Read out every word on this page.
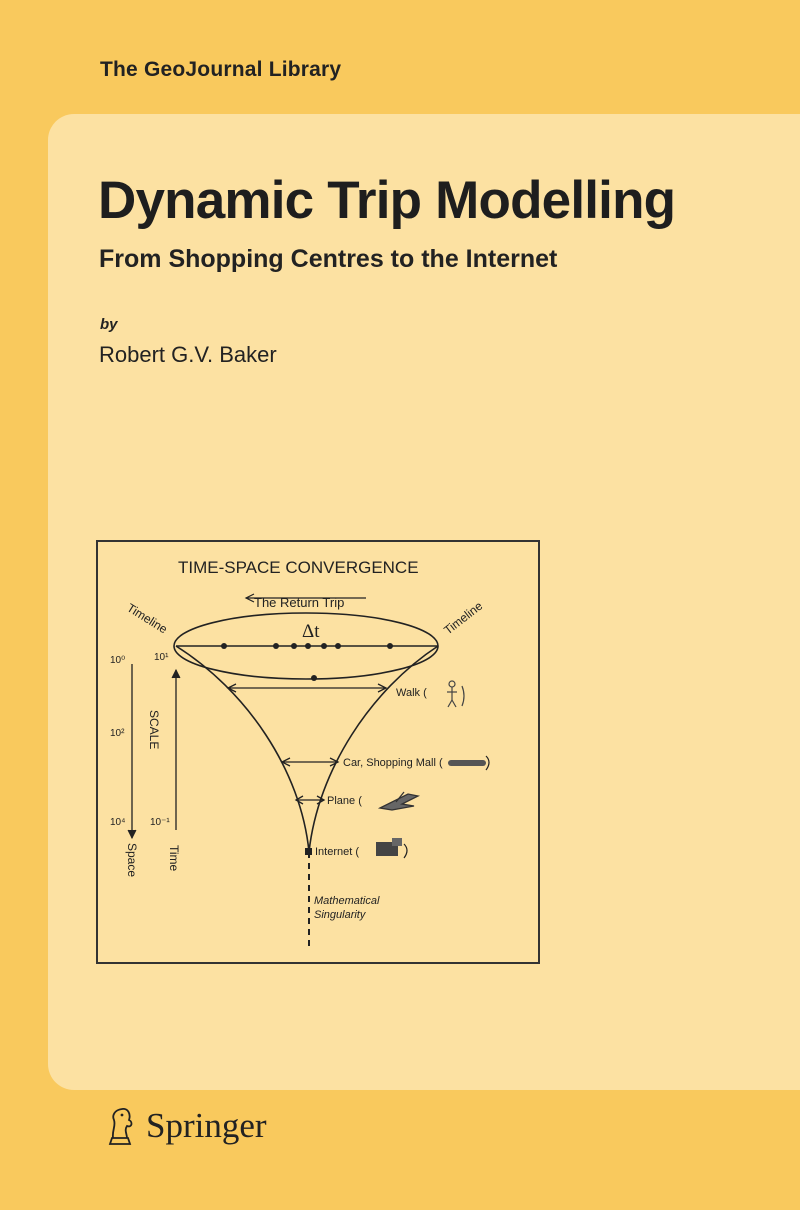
The GeoJournal Library
Dynamic Trip Modelling
From Shopping Centres to the Internet
by
Robert G.V. Baker
TIME-SPACE CONVERGENCE
The Return Trip
Δt
Timeline	Timeline
Walk (
Car, Shopping Mall (
Plane (
Internet (
Mathematical
Singularity
10⁰
10²
10⁴
10¹
10⁻¹
SCALE
Space Time
Springer
